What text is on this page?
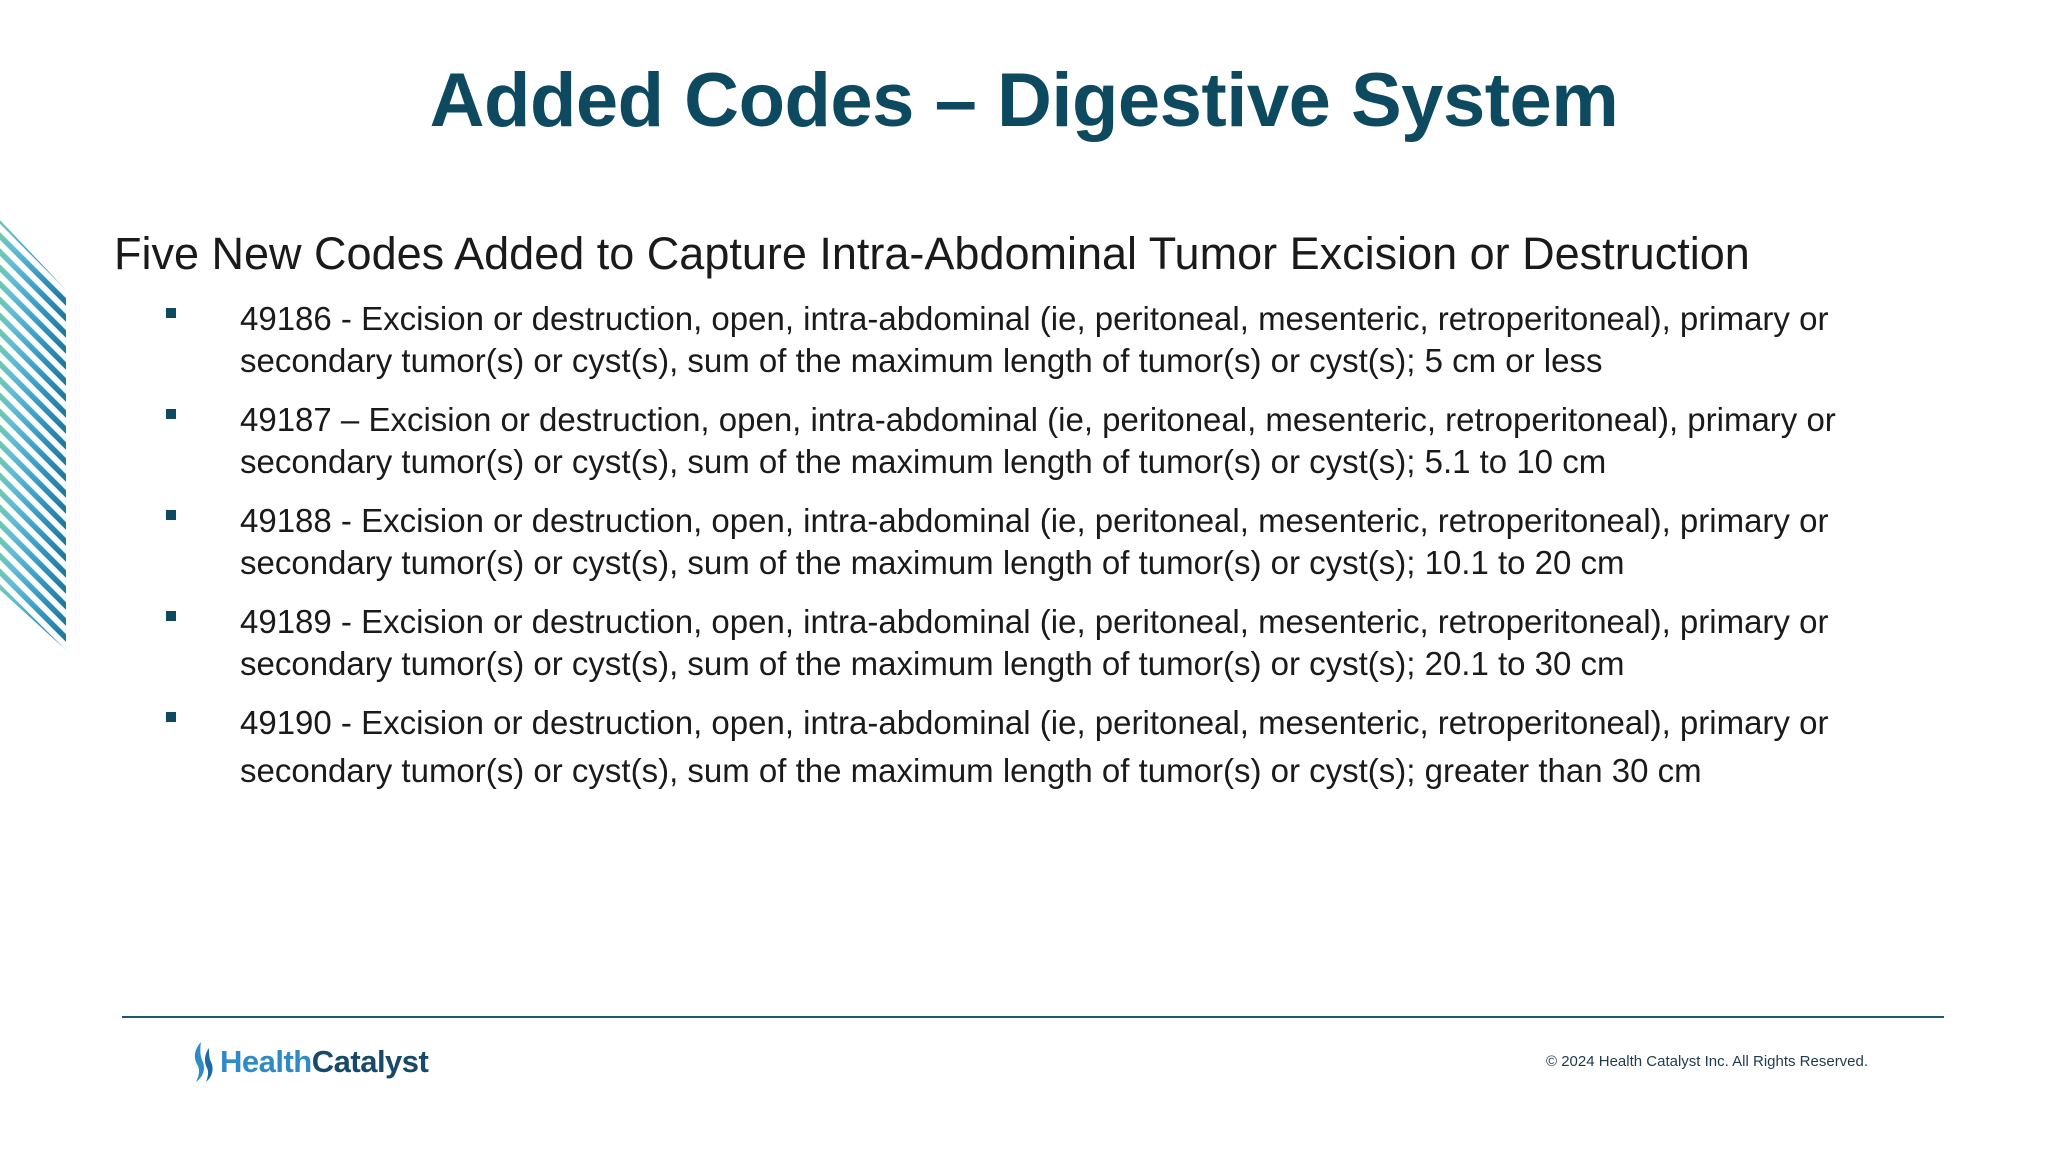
Added Codes – Digestive System
Five New Codes Added to Capture Intra-Abdominal Tumor Excision or Destruction
49186 - Excision or destruction, open, intra-abdominal (ie, peritoneal, mesenteric, retroperitoneal), primary or
secondary tumor(s) or cyst(s), sum of the maximum length of tumor(s) or cyst(s); 5 cm or less
49187 – Excision or destruction, open, intra-abdominal (ie, peritoneal, mesenteric, retroperitoneal), primary or
secondary tumor(s) or cyst(s), sum of the maximum length of tumor(s) or cyst(s); 5.1 to 10 cm
49188 - Excision or destruction, open, intra-abdominal (ie, peritoneal, mesenteric, retroperitoneal), primary or
secondary tumor(s) or cyst(s), sum of the maximum length of tumor(s) or cyst(s); 10.1 to 20 cm
49189 - Excision or destruction, open, intra-abdominal (ie, peritoneal, mesenteric, retroperitoneal), primary or
secondary tumor(s) or cyst(s), sum of the maximum length of tumor(s) or cyst(s); 20.1 to 30 cm
49190 - Excision or destruction, open, intra-abdominal (ie, peritoneal, mesenteric, retroperitoneal), primary or
secondary tumor(s) or cyst(s), sum of the maximum length of tumor(s) or cyst(s); greater than 30 cm
HealthCatalyst	© 2024 Health Catalyst Inc. All Rights Reserved.
